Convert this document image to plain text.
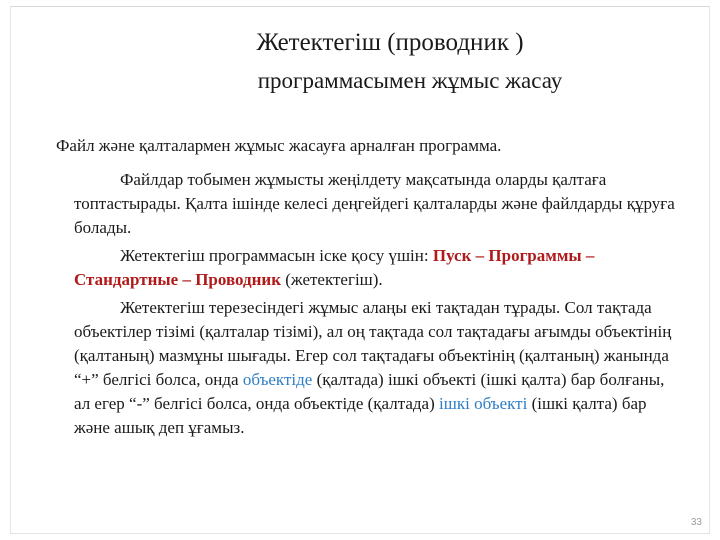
Жетектегіш (проводник )
программасымен жұмыс жасау
Файл және қалталармен жұмыс жасауға арналған программа.
Файлдар тобымен жұмысты жеңілдету мақсатында оларды қалтаға топтастырады. Қалта ішінде келесі деңгейдегі қалталарды және файлдарды құруға болады.
Жетектегіш программасын іске қосу үшін: Пуск – Программы – Стандартные – Проводник (жетектегіш).
Жетектегіш терезесіндегі жұмыс алаңы екі тақтадан тұрады. Сол тақтада объектілер тізімі (қалталар тізімі), ал оң тақтада сол тақтадағы ағымды объектінің (қалтаның) мазмұны шығады. Егер сол тақтадағы объектінің (қалтаның) жанында “+” белгісі болса, онда объектіде (қалтада) ішкі объекті (ішкі қалта) бар болғаны, ал егер “-” белгісі болса, онда объектіде (қалтада) ішкі объекті (ішкі қалта) бар және ашық деп ұғамыз.
33
